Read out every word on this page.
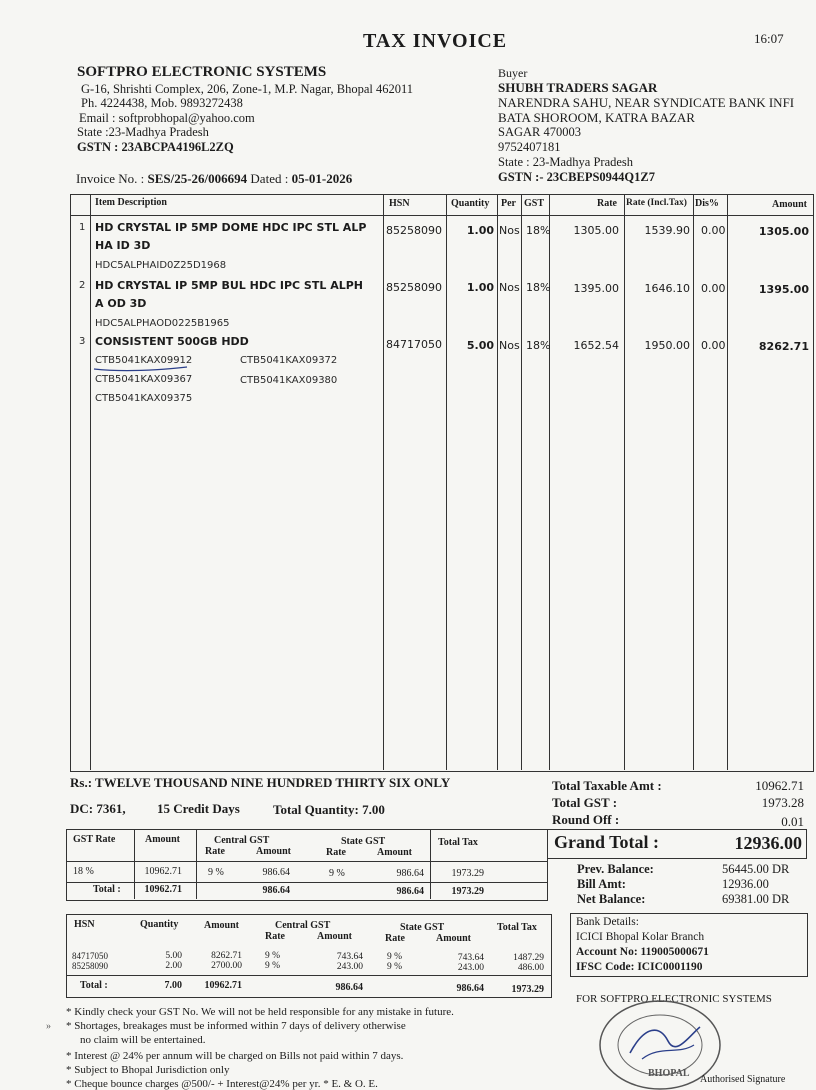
TAX INVOICE	16:07
SOFTPRO ELECTRONIC SYSTEMS
G-16, Shrishti Complex, 206, Zone-1, M.P. Nagar, Bhopal 462011
Ph. 4224438, Mob. 9893272438
Email : softprobhopal@yahoo.com
State :23-Madhya Pradesh
GSTN : 23ABCPA4196L2ZQ
Buyer
SHUBH TRADERS SAGAR
NARENDRA SAHU, NEAR SYNDICATE BANK INFI
BATA SHOROOM, KATRA BAZAR
SAGAR 470003
9752407181
State : 23-Madhya Pradesh
GSTN :- 23CBEPS0944Q1Z7
Invoice No. : SES/25-26/006694 Dated : 05-01-2026
Item Description	HSN	Quantity Per GST	Rate Rate (Incl.Tax) Dis%	Amount
1 HD CRYSTAL IP 5MP DOME HDC IPC STL ALP
HA ID 3D
HDC5ALPHAID0Z25D1968
85258090	1.00 Nos 18%	1305.00	1539.90 0.00	1305.00
2 HD CRYSTAL IP 5MP BUL HDC IPC STL ALPH
A OD 3D
HDC5ALPHAOD0225B1965
85258090	1.00 Nos 18%	1395.00	1646.10 0.00	1395.00
3 CONSISTENT 500GB HDD
CTB5041KAX09912	CTB5041KAX09372
CTB5041KAX09367	CTB5041KAX09380
CTB5041KAX09375
84717050	5.00 Nos 18%	1652.54	1950.00 0.00	8262.71
Rs.: TWELVE THOUSAND NINE HUNDRED THIRTY SIX ONLY
DC: 7361, 15 Credit Days	Total Quantity: 7.00
Total Taxable Amt :	10962.71
Total GST :	1973.28
Round Off :	0.01
Grand Total :	12936.00
Prev. Balance:	56445.00 DR
Bill Amt:	12936.00
Net Balance:	69381.00 DR
GST Rate	Amount	Central GST
Rate	Amount
State GST
Rate	Amount
Total Tax
18 %	10962.71	9 %	986.64	9 %	986.64	1973.29
Total :	10962.71	986.64	986.64	1973.29
HSN	Quantity	Amount	Central GST
Rate	Amount
State GST
Rate	Amount
Total Tax
84717050	5.00	8262.71 9 %	743.64	9 %	743.64	1487.29
85258090	2.00	2700.00 9 %	243.00	9 %	243.00	486.00
Total :	7.00	10962.71	986.64	986.64	1973.29
Bank Details:
ICICI Bhopal Kolar Branch
Account No: 119005000671
IFSC Code: ICIC0001190
* Kindly check your GST No. We will not be held responsible for any mistake in future.
* Shortages, breakages must be informed within 7 days of delivery otherwise
no claim will be entertained.
* Interest @ 24% per annum will be charged on Bills not paid within 7 days.
* Subject to Bhopal Jurisdiction only
* Cheque bounce charges @500/- + Interest@24% per yr. * E. & O. E.
»
FOR SOFTPRO ELECTRONIC SYSTEMS
BHOPAL
Authorised Signature
